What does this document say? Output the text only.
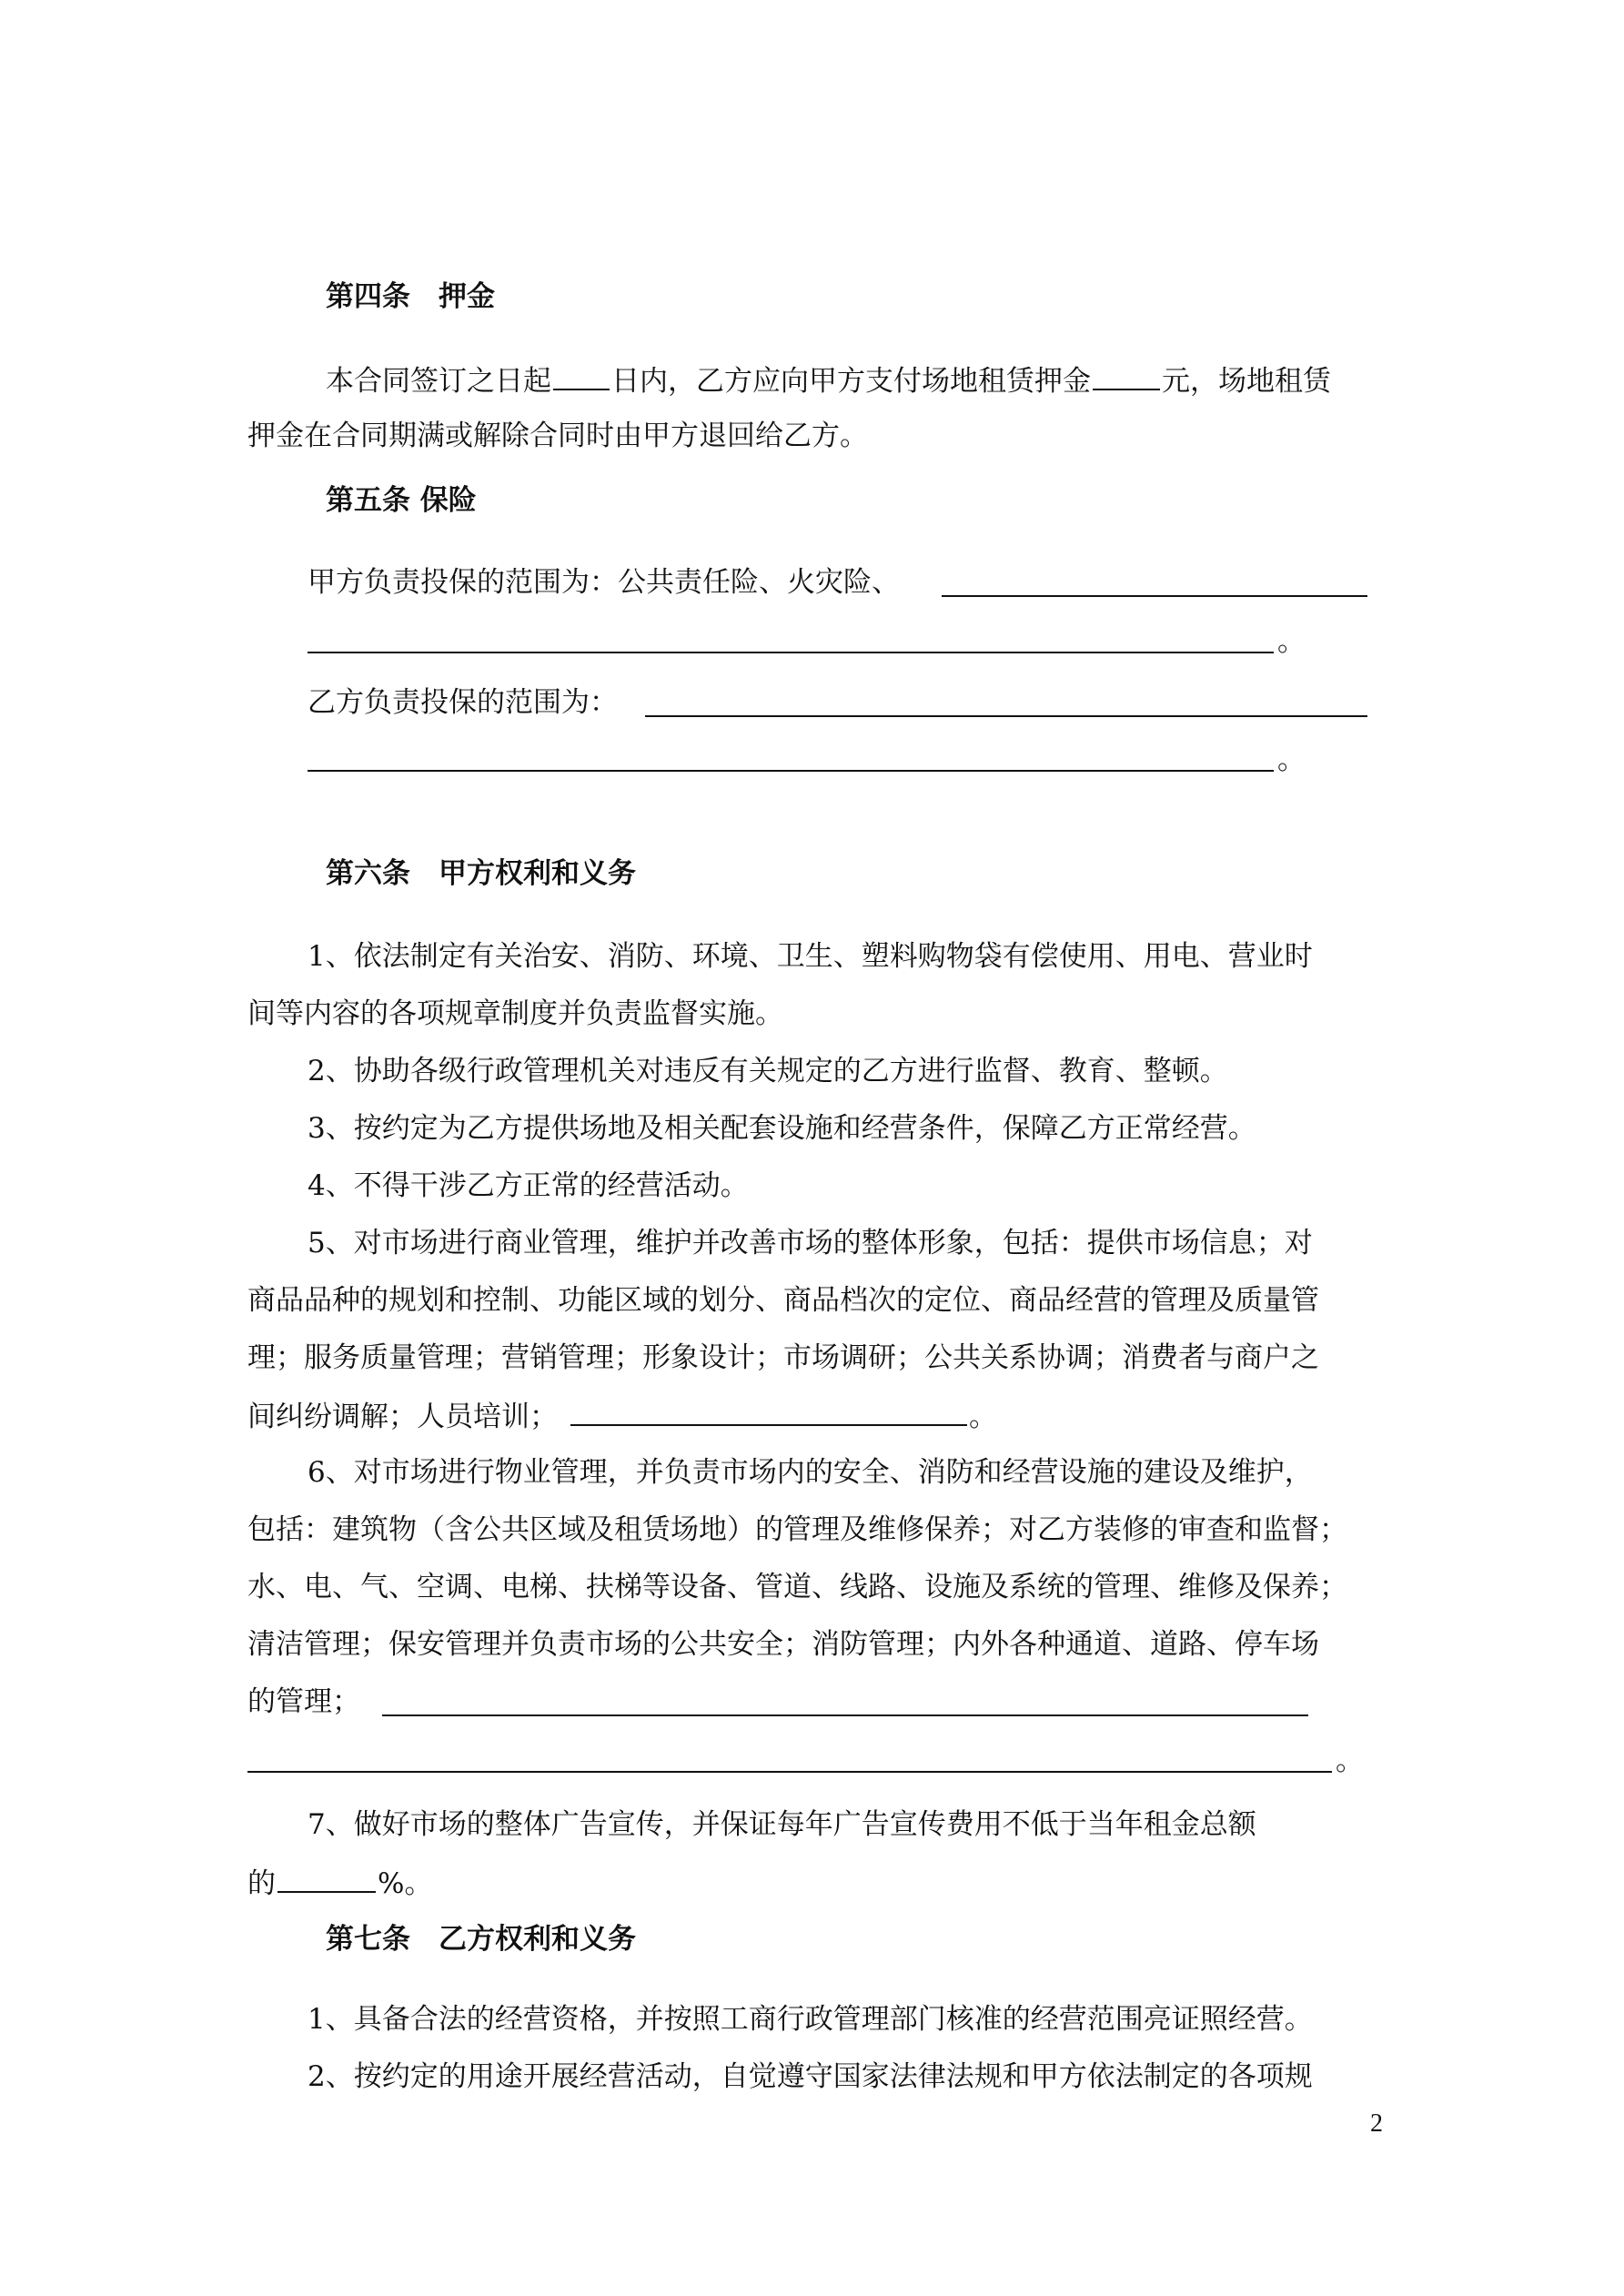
第四条　押金
本合同签订之日起 日内，乙方应向甲方支付场地租赁押金	元，场地租赁
押金在合同期满或解除合同时由甲方退回给乙方。
第五条 保险
甲方负责投保的范围为：公共责任险、火灾险、
。
乙方负责投保的范围为：
。
第六条　甲方权利和义务
1、依法制定有关治安、消防、环境、卫生、塑料购物袋有偿使用、用电、营业时
间等内容的各项规章制度并负责监督实施。
2、协助各级行政管理机关对违反有关规定的乙方进行监督、教育、整顿。
3、按约定为乙方提供场地及相关配套设施和经营条件，保障乙方正常经营。
4、不得干涉乙方正常的经营活动。
5、对市场进行商业管理，维护并改善市场的整体形象，包括：提供市场信息；对
商品品种的规划和控制、功能区域的划分、商品档次的定位、商品经营的管理及质量管
理；服务质量管理；营销管理；形象设计；市场调研；公共关系协调；消费者与商户之
间纠纷调解；人员培训；	。
6、对市场进行物业管理，并负责市场内的安全、消防和经营设施的建设及维护，
包括：建筑物（含公共区域及租赁场地）的管理及维修保养；对乙方装修的审查和监督；
水、电、气、空调、电梯、扶梯等设备、管道、线路、设施及系统的管理、维修及保养；
清洁管理；保安管理并负责市场的公共安全；消防管理；内外各种通道、道路、停车场
的管理；
。
7、做好市场的整体广告宣传，并保证每年广告宣传费用不低于当年租金总额
的	%。
第七条　乙方权利和义务
1、具备合法的经营资格，并按照工商行政管理部门核准的经营范围亮证照经营。
2、按约定的用途开展经营活动，自觉遵守国家法律法规和甲方依法制定的各项规
2
